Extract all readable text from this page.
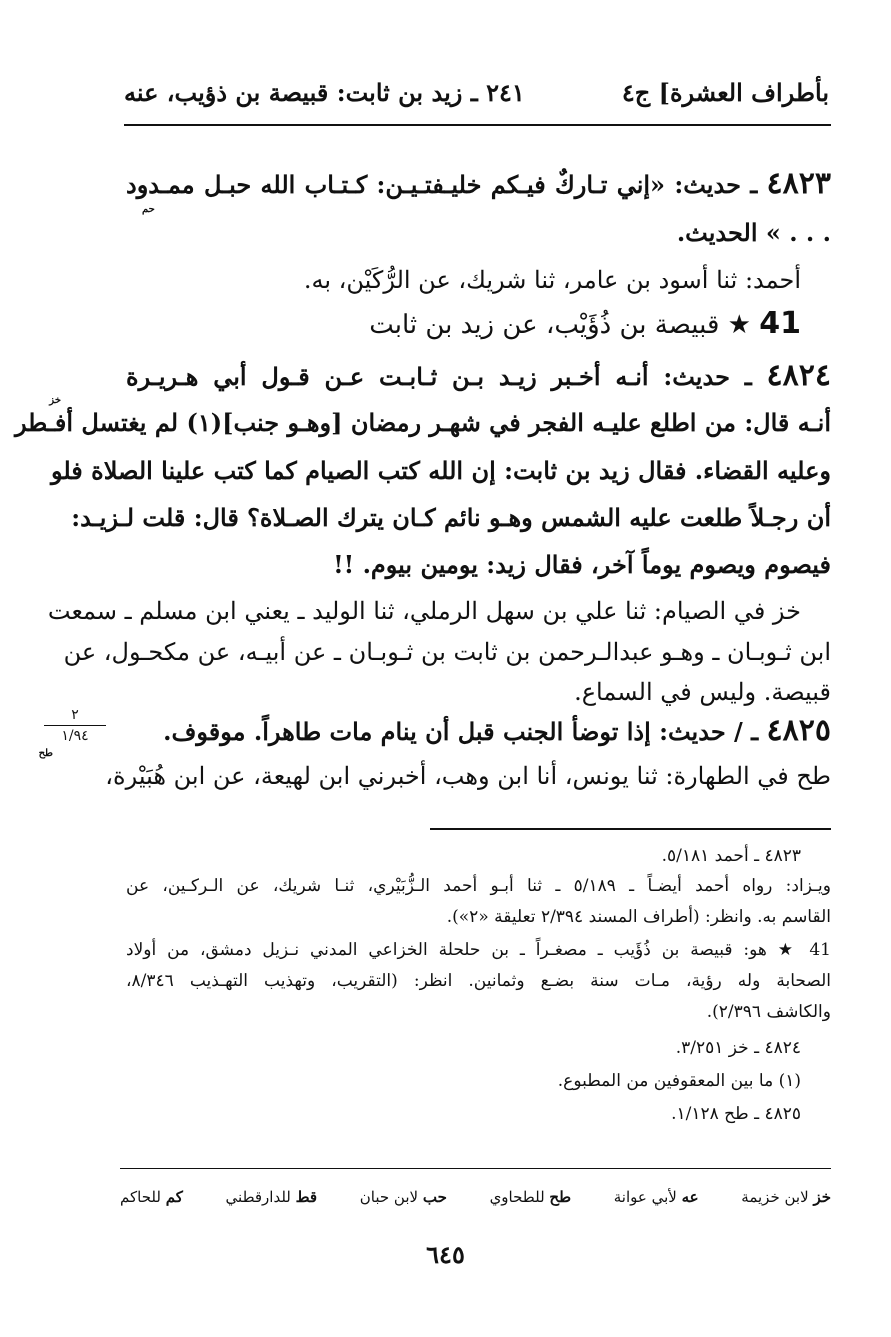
بأطراف العشرة] ج٤
٢٤١ ـ زيد بن ثابت: قبيصة بن ذؤيب، عنه
٤٨٢٣ ـ حديث: «إني تـاركٌ فيـكم خليـفتـيـن: كـتـاب الله حبـل ممـدود
حم
. . . » الحديث.
أحمد: ثنا أسود بن عامر، ثنا شريك، عن الرُّكَيْن، به.
41 ★ قبيصة بن ذُؤَيْب، عن زيد بن ثابت
٤٨٢٤ ـ حديث: أنـه أخـبر زيـد بـن ثـابـت عـن قـول أبي هـريـرة
خز
أنـه قال: من اطلع عليـه الفجر في شهـر رمضان [وهـو جنب](١) لم يغتسل أفـطر
وعليه القضاء. فقال زيد بن ثابت: إن الله كتب الصيام كما كتب علينا الصلاة فلو
أن رجـلاً طلعت عليه الشمس وهـو نائم كـان يترك الصـلاة؟ قال: قلت لـزيـد:
فيصوم ويصوم يوماً آخر، فقال زيد: يومين بيوم. !!
خز في الصيام: ثنا علي بن سهل الرملي، ثنا الوليد ـ يعني ابن مسلم ـ سمعت
ابن ثـوبـان ـ وهـو عبدالـرحمن بن ثابت بن ثـوبـان ـ عن أبيـه، عن مكحـول، عن
قبيصة. وليس في السماع.
٤٨٢٥ ـ / حديث: إذا توضأ الجنب قبل أن ينام مات طاهراً. موقوف.
طح
طح في الطهارة: ثنا يونس، أنا ابن وهب، أخبرني ابن لهيعة، عن ابن هُبَيْرة،
٢
١/٩٤
٤٨٢٣ ـ أحمد ٥/١٨١.
ويـزاد: رواه أحمد أيضـاً ـ ٥/١٨٩ ـ ثنا أبـو أحمد الـزُّبَيْري، ثنـا شريك، عن الـركـين، عن
القاسم به. وانظر: (أطراف المسند ٢/٣٩٤ تعليقة «٢»).
41 ★ هو: قبيصة بن ذُؤَيب ـ مصغـراً ـ بن حلحلة الخزاعي المدني نـزيل دمشق، من أولاد
الصحابة وله رؤية، مـات سنة بضـع وثمانين. انظر: (التقريب، وتهذيب التهـذيب ٨/٣٤٦،
والكاشف ٢/٣٩٦).
٤٨٢٤ ـ خز ٣/٢٥١.
(١) ما بين المعقوفين من المطبوع.
٤٨٢٥ ـ طح ١/١٢٨.
خز لابن خزيمة
عه لأبي عوانة
طح للطحاوي
حب لابن حبان
قط للدارقطني
كم للحاكم
٦٤٥
